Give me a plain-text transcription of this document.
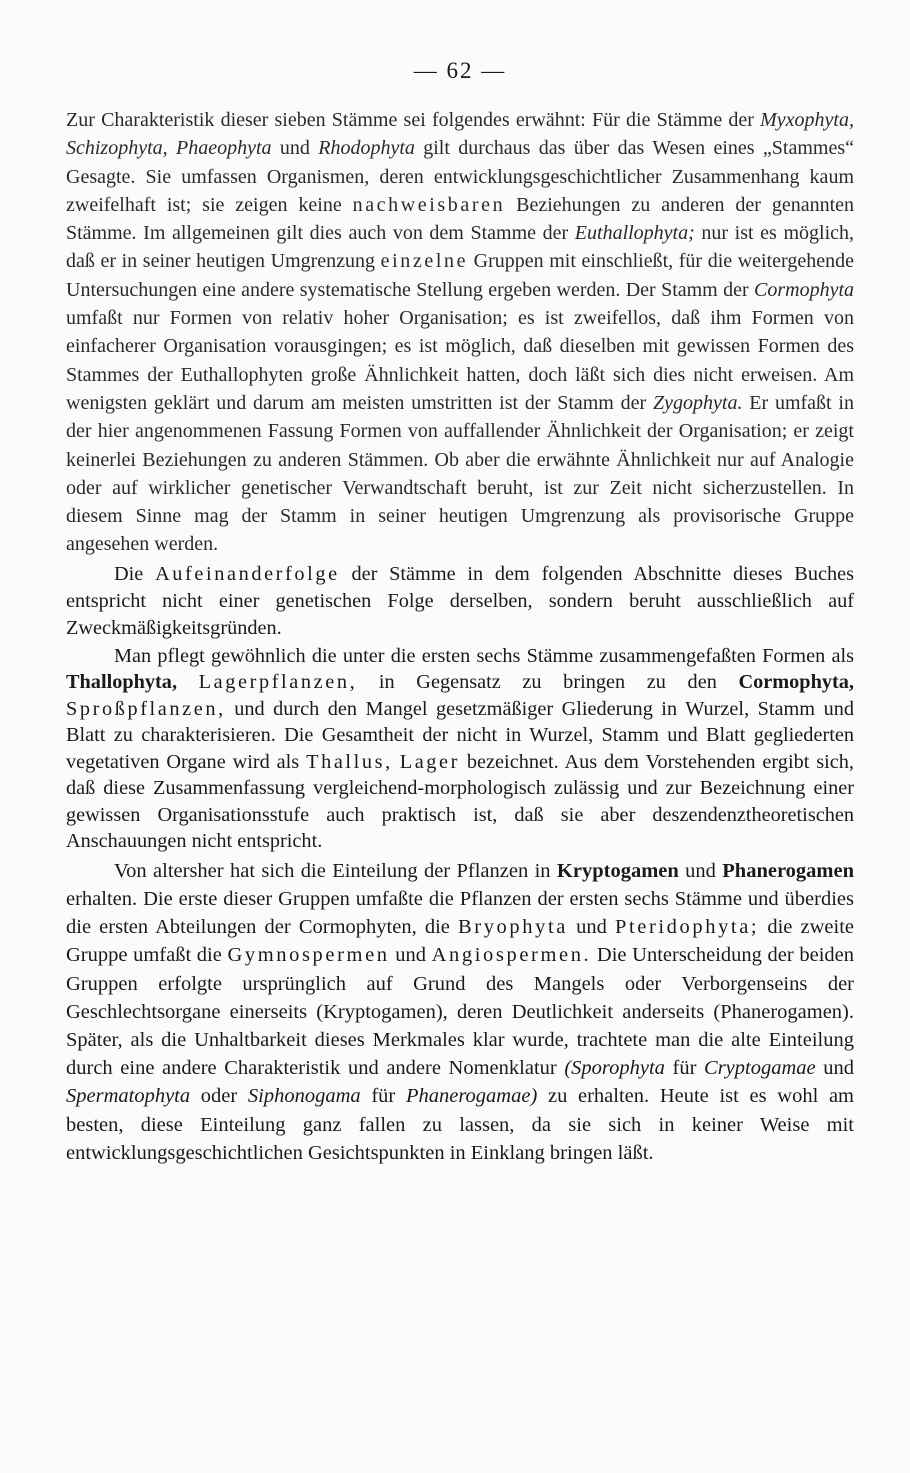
— 62 —

Zur Charakteristik dieser sieben Stämme sei folgendes erwähnt: Für die Stämme der Myxophyta, Schizophyta, Phaeophyta und Rhodophyta gilt durchaus das über das Wesen eines „Stammes“ Gesagte. Sie umfassen Organismen, deren entwicklungsgeschichtlicher Zusammenhang kaum zweifelhaft ist; sie zeigen keine nachweisbaren Beziehungen zu anderen der genannten Stämme. Im allgemeinen gilt dies auch von dem Stamme der Euthallophyta; nur ist es möglich, daß er in seiner heutigen Umgrenzung einzelne Gruppen mit einschließt, für die weitergehende Untersuchungen eine andere systematische Stellung ergeben werden. Der Stamm der Cormophyta umfaßt nur Formen von relativ hoher Organisation; es ist zweifellos, daß ihm Formen von einfacherer Organisation vorausgingen; es ist möglich, daß dieselben mit gewissen Formen des Stammes der Euthallophyten große Ähnlichkeit hatten, doch läßt sich dies nicht erweisen. Am wenigsten geklärt und darum am meisten umstritten ist der Stamm der Zygophyta. Er umfaßt in der hier angenommenen Fassung Formen von auffallender Ähnlichkeit der Organisation; er zeigt keinerlei Beziehungen zu anderen Stämmen. Ob aber die erwähnte Ähnlichkeit nur auf Analogie oder auf wirklicher genetischer Verwandtschaft beruht, ist zur Zeit nicht sicherzustellen. In diesem Sinne mag der Stamm in seiner heutigen Umgrenzung als provisorische Gruppe angesehen werden.

Die Aufeinanderfolge der Stämme in dem folgenden Abschnitte dieses Buches entspricht nicht einer genetischen Folge derselben, sondern beruht ausschließlich auf Zweckmäßigkeitsgründen.

Man pflegt gewöhnlich die unter die ersten sechs Stämme zusammengefaßten Formen als Thallophyta, Lagerpflanzen, in Gegensatz zu bringen zu den Cormophyta, Sproßpflanzen, und durch den Mangel gesetzmäßiger Gliederung in Wurzel, Stamm und Blatt zu charakterisieren. Die Gesamtheit der nicht in Wurzel, Stamm und Blatt gegliederten vegetativen Organe wird als Thallus, Lager bezeichnet. Aus dem Vorstehenden ergibt sich, daß diese Zusammenfassung vergleichend-morphologisch zulässig und zur Bezeichnung einer gewissen Organisationsstufe auch praktisch ist, daß sie aber deszendenztheoretischen Anschauungen nicht entspricht.

Von altersher hat sich die Einteilung der Pflanzen in Kryptogamen und Phanerogamen erhalten. Die erste dieser Gruppen umfaßte die Pflanzen der ersten sechs Stämme und überdies die ersten Abteilungen der Cormophyten, die Bryophyta und Pteridophyta; die zweite Gruppe umfaßt die Gymnospermen und Angiospermen. Die Unterscheidung der beiden Gruppen erfolgte ursprünglich auf Grund des Mangels oder Verborgenseins der Geschlechtsorgane einerseits (Kryptogamen), deren Deutlichkeit anderseits (Phanerogamen). Später, als die Unhaltbarkeit dieses Merkmales klar wurde, trachtete man die alte Einteilung durch eine andere Charakteristik und andere Nomenklatur (Sporophyta für Cryptogamae und Spermatophyta oder Siphonogama für Phanerogamae) zu erhalten. Heute ist es wohl am besten, diese Einteilung ganz fallen zu lassen, da sie sich in keiner Weise mit entwicklungsgeschichtlichen Gesichtspunkten in Einklang bringen läßt.
